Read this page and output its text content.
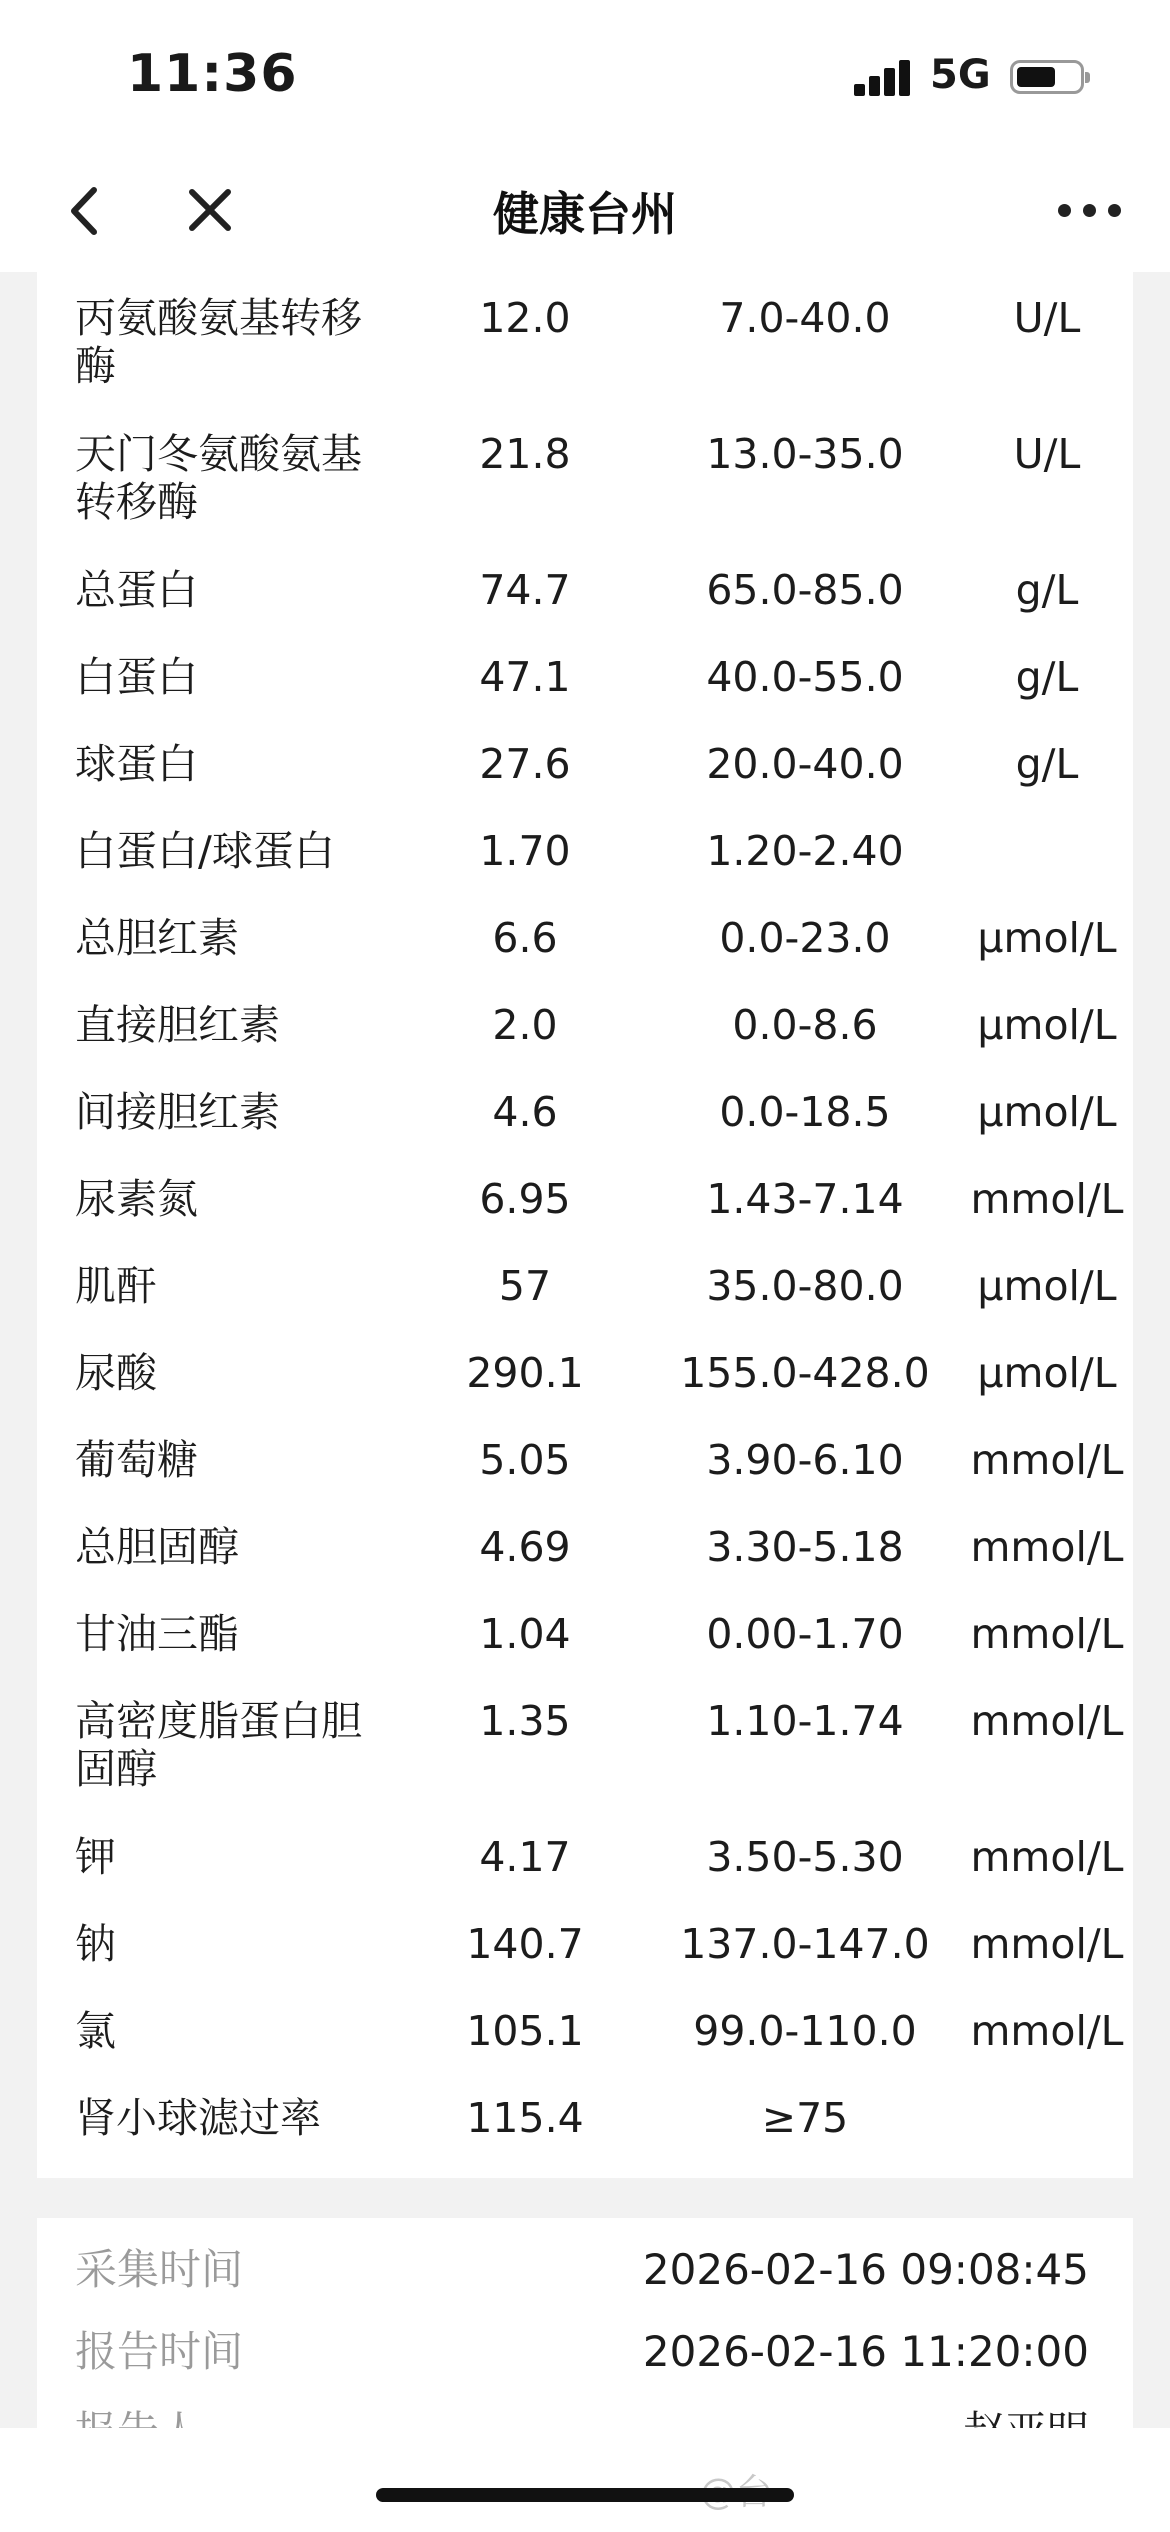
11:36	5G
健康台州
丙氨酸氨基转移
酶
12.0	7.0-40.0	U/L
天门冬氨酸氨基
转移酶
21.8	13.0-35.0	U/L
总蛋白	74.7	65.0-85.0	g/L
白蛋白	47.1	40.0-55.0	g/L
球蛋白	27.6	20.0-40.0	g/L
白蛋白/球蛋白	1.70	1.20-2.40
总胆红素	6.6	0.0-23.0	μmol/L
直接胆红素	2.0	0.0-8.6	μmol/L
间接胆红素	4.6	0.0-18.5	μmol/L
尿素氮	6.95	1.43-7.14	mmol/L
肌酐	57	35.0-80.0	μmol/L
尿酸	290.1	155.0-428.0	μmol/L
葡萄糖	5.05	3.90-6.10	mmol/L
总胆固醇	4.69	3.30-5.18	mmol/L
甘油三酯	1.04	0.00-1.70	mmol/L
高密度脂蛋白胆
固醇
1.35	1.10-1.74	mmol/L
钾	4.17	3.50-5.30	mmol/L
钠	140.7	137.0-147.0 mmol/L
氯	105.1	99.0-110.0	mmol/L
肾小球滤过率	115.4	≥75
采集时间	2026-02-16 09:08:45
报告时间	2026-02-16 11:20:00
